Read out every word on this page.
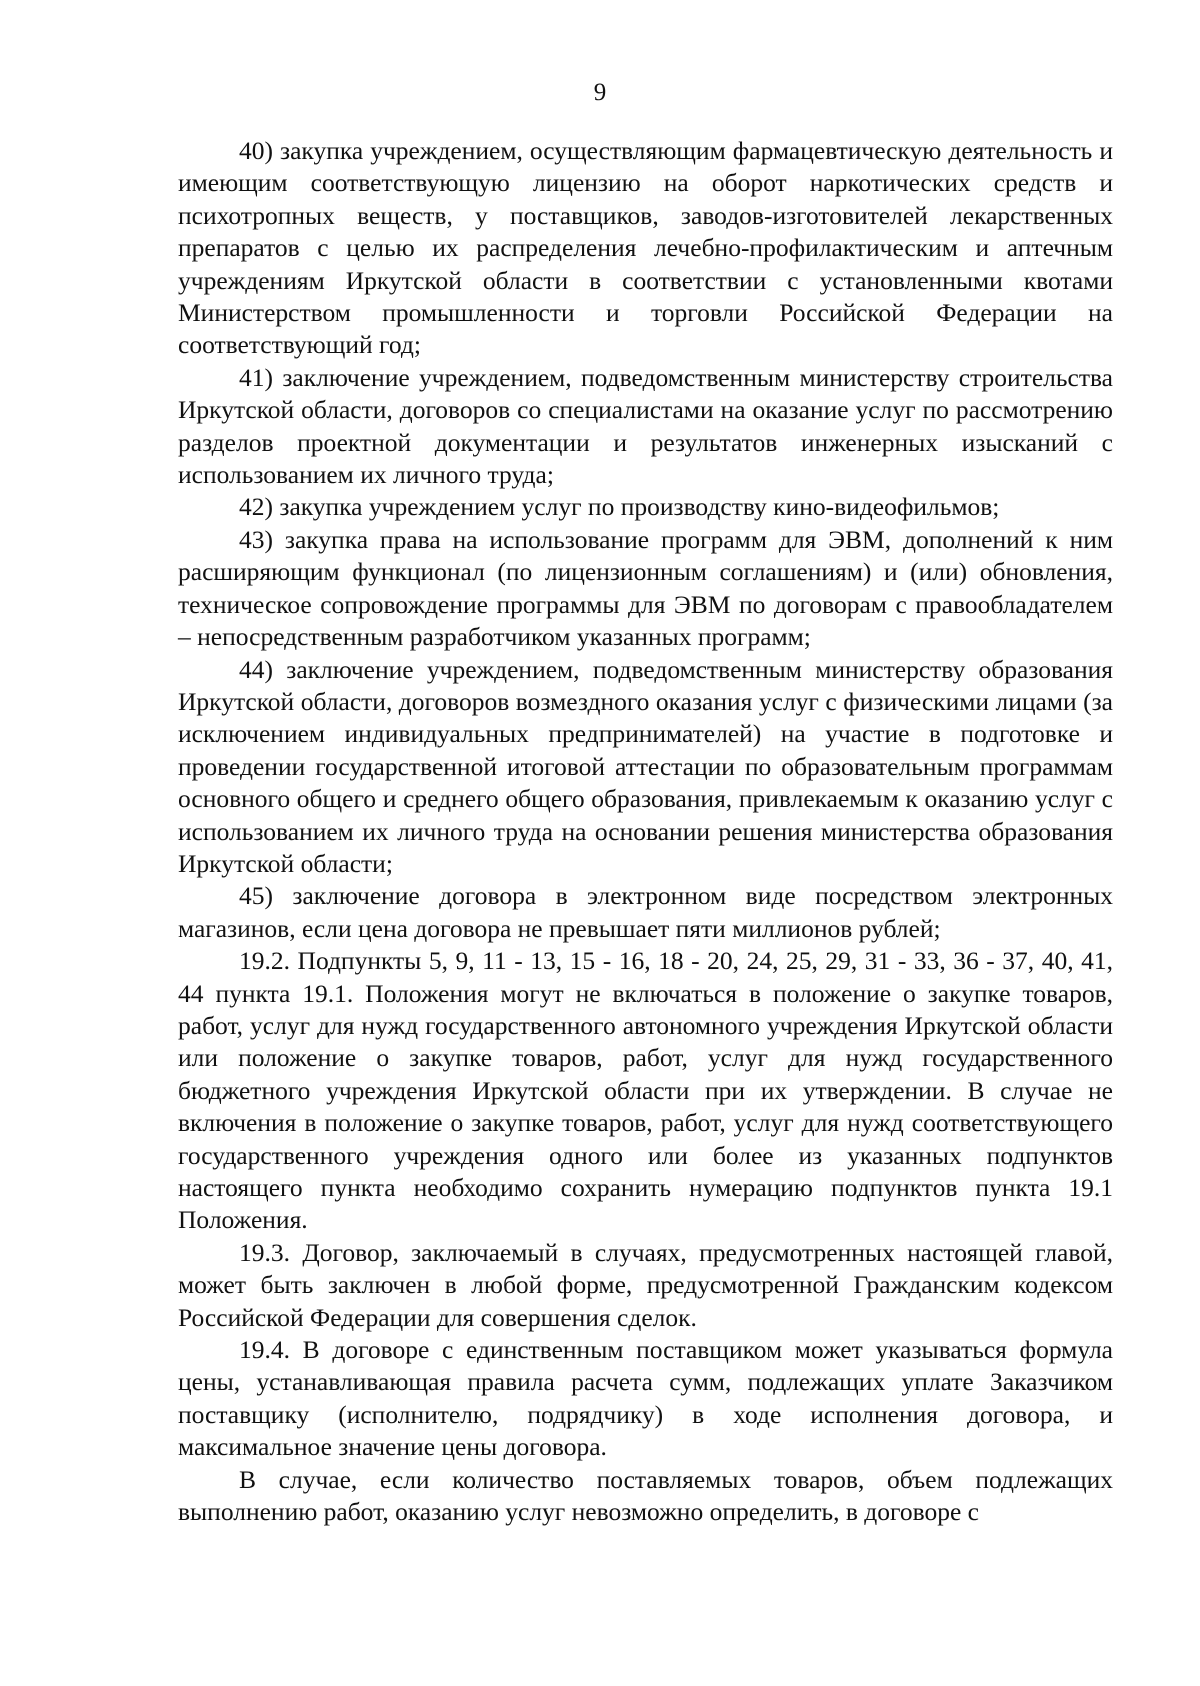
9

40) закупка учреждением, осуществляющим фармацевтическую деятельность и имеющим соответствующую лицензию на оборот наркотических средств и психотропных веществ, у поставщиков, заводов-изготовителей лекарственных препаратов с целью их распределения лечебно-профилактическим и аптечным учреждениям Иркутской области в соответствии с установленными квотами Министерством промышленности и торговли Российской Федерации на соответствующий год;

41) заключение учреждением, подведомственным министерству строительства Иркутской области, договоров со специалистами на оказание услуг по рассмотрению разделов проектной документации и результатов инженерных изысканий с использованием их личного труда;

42) закупка учреждением услуг по производству кино-видеофильмов;

43) закупка права на использование программ для ЭВМ, дополнений к ним расширяющим функционал (по лицензионным соглашениям) и (или) обновления, техническое сопровождение программы для ЭВМ по договорам с правообладателем – непосредственным разработчиком указанных программ;

44) заключение учреждением, подведомственным министерству образования Иркутской области, договоров возмездного оказания услуг с физическими лицами (за исключением индивидуальных предпринимателей) на участие в подготовке и проведении государственной итоговой аттестации по образовательным программам основного общего и среднего общего образования, привлекаемым к оказанию услуг с использованием их личного труда на основании решения министерства образования Иркутской области;

45) заключение договора в электронном виде посредством электронных магазинов, если цена договора не превышает пяти миллионов рублей;

19.2. Подпункты 5, 9, 11 - 13, 15 - 16, 18 - 20, 24, 25, 29, 31 - 33, 36 - 37, 40, 41, 44 пункта 19.1. Положения могут не включаться в положение о закупке товаров, работ, услуг для нужд государственного автономного учреждения Иркутской области или положение о закупке товаров, работ, услуг для нужд государственного бюджетного учреждения Иркутской области при их утверждении. В случае не включения в положение о закупке товаров, работ, услуг для нужд соответствующего государственного учреждения одного или более из указанных подпунктов настоящего пункта необходимо сохранить нумерацию подпунктов пункта 19.1 Положения.

19.3. Договор, заключаемый в случаях, предусмотренных настоящей главой, может быть заключен в любой форме, предусмотренной Гражданским кодексом Российской Федерации для совершения сделок.

19.4. В договоре с единственным поставщиком может указываться формула цены, устанавливающая правила расчета сумм, подлежащих уплате Заказчиком поставщику (исполнителю, подрядчику) в ходе исполнения договора, и максимальное значение цены договора.

В случае, если количество поставляемых товаров, объем подлежащих выполнению работ, оказанию услуг невозможно определить, в договоре с
